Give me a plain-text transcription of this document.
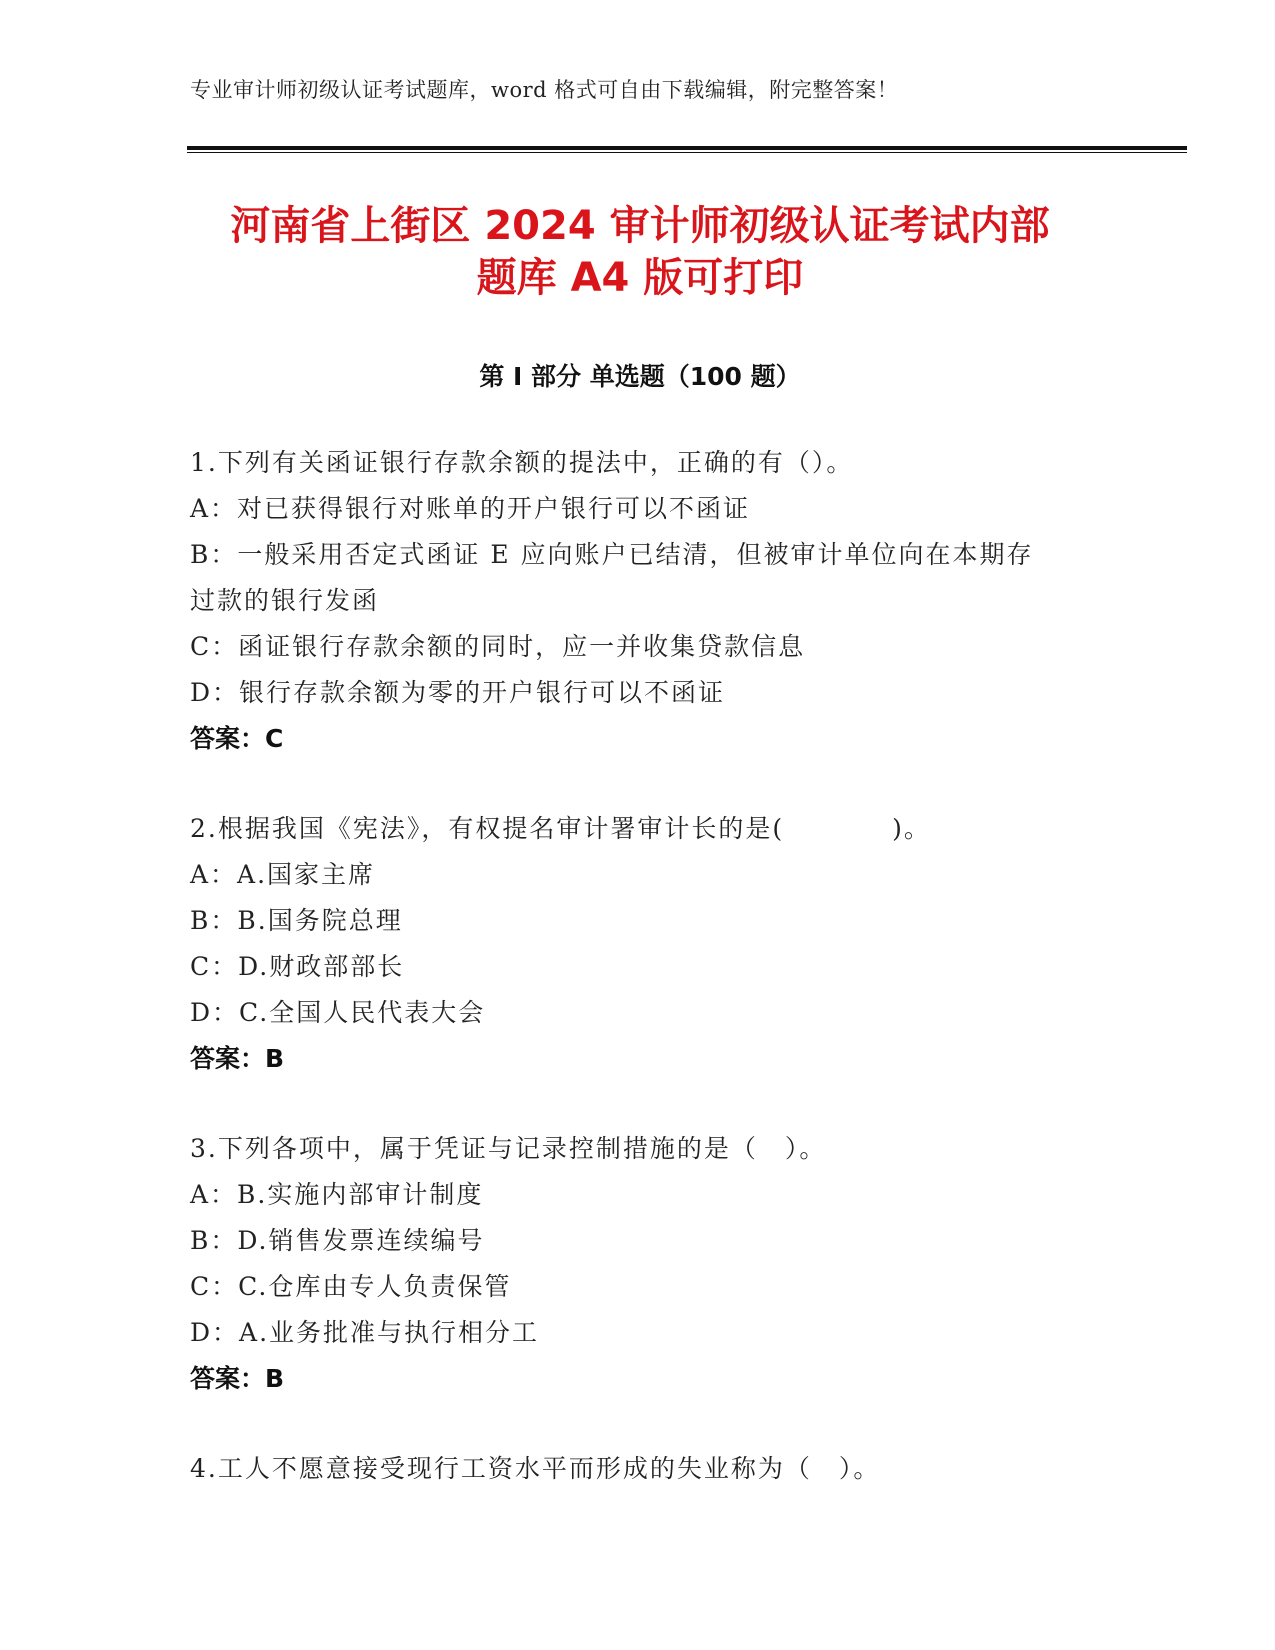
专业审计师初级认证考试题库，word 格式可自由下载编辑，附完整答案！
河南省上街区 2024 审计师初级认证考试内部
题库 A4 版可打印
第 I 部分 单选题（100 题）
1.下列有关函证银行存款余额的提法中，正确的有（）。
A：对已获得银行对账单的开户银行可以不函证
B：一般采用否定式函证 E 应向账户已结清，但被审计单位向在本期存
过款的银行发函
C：函证银行存款余额的同时，应一并收集贷款信息
D：银行存款余额为零的开户银行可以不函证
答案：C
2.根据我国《宪法》，有权提名审计署审计长的是(　　　　)。
A：A.国家主席
B：B.国务院总理
C：D.财政部部长
D：C.全国人民代表大会
答案：B
3.下列各项中，属于凭证与记录控制措施的是（　）。
A：B.实施内部审计制度
B：D.销售发票连续编号
C：C.仓库由专人负责保管
D：A.业务批准与执行相分工
答案：B
4.工人不愿意接受现行工资水平而形成的失业称为（　）。
